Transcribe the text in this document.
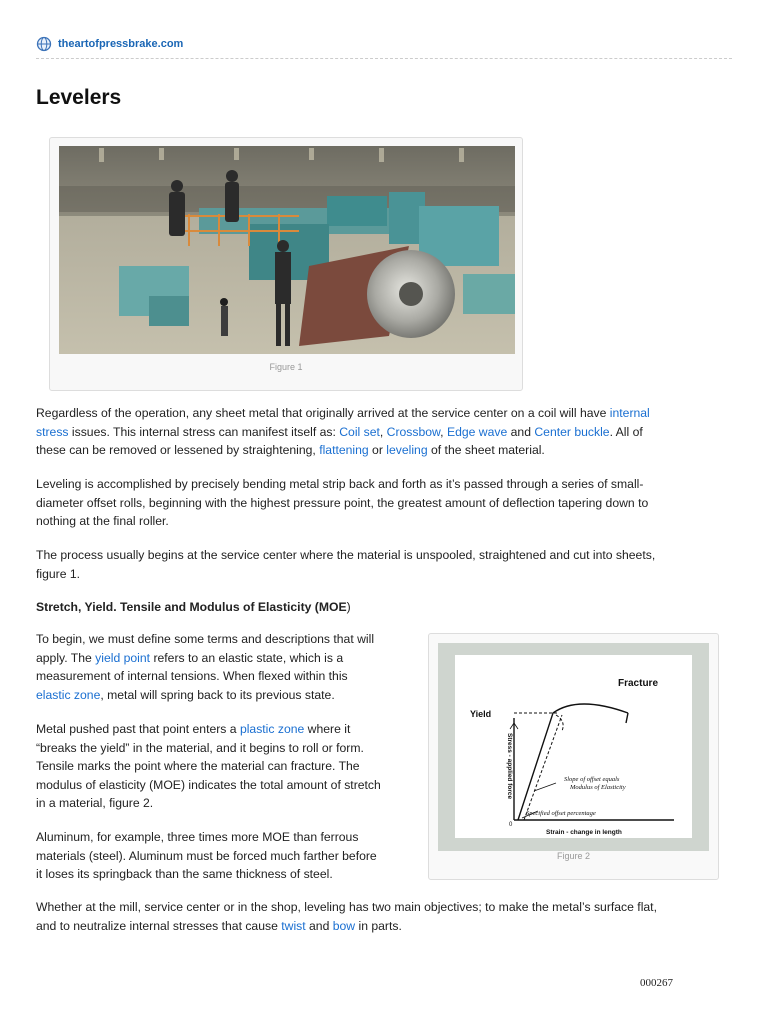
theartofpressbrake.com
Levelers
Figure 1
Regardless of the operation, any sheet metal that originally arrived at the service center on a coil will have internal
stress issues. This internal stress can manifest itself as: Coil set, Crossbow, Edge wave and Center buckle. All of
these can be removed or lessened by straightening, flattening or leveling of the sheet material.
Leveling is accomplished by precisely bending metal strip back and forth as it’s passed through a series of small-
diameter offset rolls, beginning with the highest pressure point, the greatest amount of deflection tapering down to
nothing at the final roller.
The process usually begins at the service center where the material is unspooled, straightened and cut into sheets,
figure 1.
Stretch, Yield. Tensile and Modulus of Elasticity (MOE)
To begin, we must define some terms and descriptions that will
apply. The yield point refers to an elastic state, which is a
measurement of internal tensions. When flexed within this
elastic zone, metal will spring back to its previous state.
Metal pushed past that point enters a plastic zone where it
“breaks the yield” in the material, and it begins to roll or form.
Tensile marks the point where the material can fracture. The
modulus of elasticity (MOE) indicates the total amount of stretch
in a material, figure 2.
Aluminum, for example, three times more MOE than ferrous
materials (steel). Aluminum must be forced much farther before
it loses its springback than the same thickness of steel.
Fracture
Yield
Stress - applied force
Strain - change in length
Slope of offset equals
Modulus of Elasticity
Specified offset percentage
0
Figure 2
Whether at the mill, service center or in the shop, leveling has two main objectives; to make the metal’s surface flat,
and to neutralize internal stresses that cause twist and bow in parts.
000267
